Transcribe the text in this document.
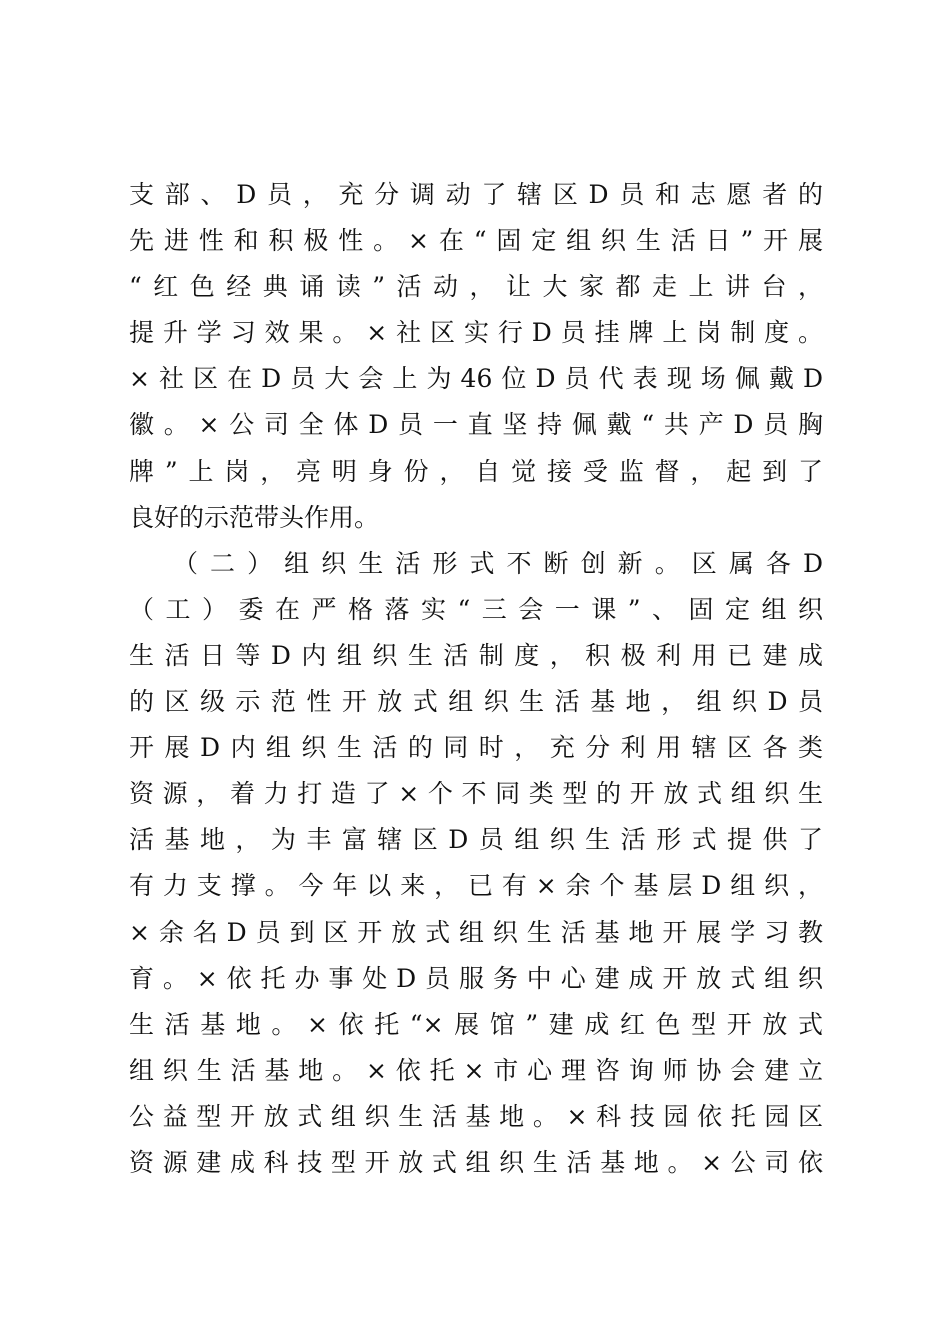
支部、D员，充分调动了辖区D员和志愿者的
先进性和积极性。×在“固定组织生活日”开展
“红色经典诵读”活动，让大家都走上讲台，
提升学习效果。×社区实行D员挂牌上岗制度。
×社区在D员大会上为46位D员代表现场佩戴D
徽。×公司全体D员一直坚持佩戴“共产D员胸
牌”上岗，亮明身份，自觉接受监督，起到了
良好的示范带头作用。
（二）组织生活形式不断创新。区属各D
（工）委在严格落实“三会一课”、固定组织
生活日等D内组织生活制度，积极利用已建成
的区级示范性开放式组织生活基地，组织D员
开展D内组织生活的同时，充分利用辖区各类
资源，着力打造了×个不同类型的开放式组织生
活基地，为丰富辖区D员组织生活形式提供了
有力支撑。今年以来，已有×余个基层D组织，
×余名D员到区开放式组织生活基地开展学习教
育。×依托办事处D员服务中心建成开放式组织
生活基地。×依托“×展馆”建成红色型开放式
组织生活基地。×依托×市心理咨询师协会建立
公益型开放式组织生活基地。×科技园依托园区
资源建成科技型开放式组织生活基地。×公司依
